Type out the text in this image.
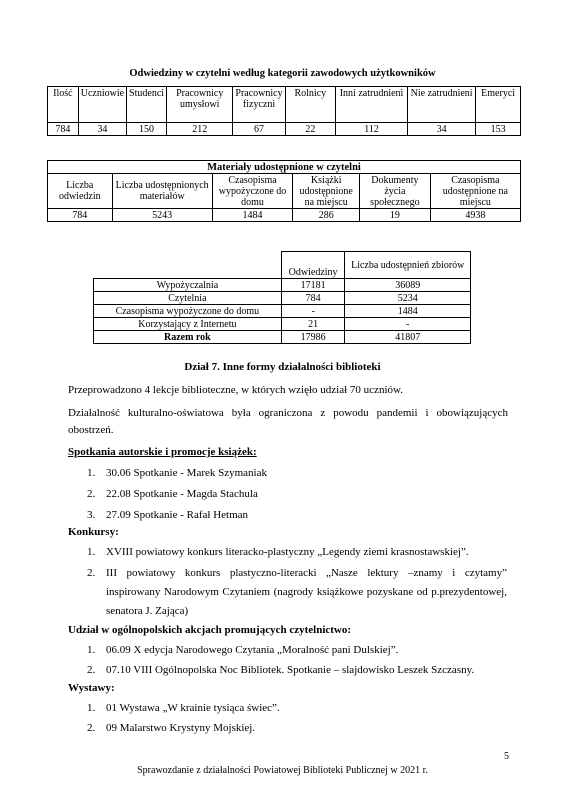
Odwiedziny w czytelni według kategorii zawodowych użytkowników
Ilość	Uczniowie	Studenci	Pracownicy umysłowi	Pracownicy fizyczni	Rolnicy	Inni zatrudnieni	Nie zatrudnieni	Emeryci
784	34	150	212	67	22	112	34	153
Materiały udostępnione w czytelni					
Liczba odwiedzin	Liczba udostępnionych materiałów	Czasopisma wypożyczone do domu	Książki udostępnione na miejscu	Dokumenty życia społecznego	Czasopisma udostępnione na miejscu
784	5243	1484	286	19	4938
	Odwiedziny	Liczba udostępnień zbiorów
Wypożyczalnia	17181	36089
Czytelnia	784	5234
Czasopisma wypożyczone do domu	-	1484
Korzystający z Internetu	21	-
Razem rok	17986	41807
Dział 7. Inne formy działalności biblioteki
Przeprowadzono 4 lekcje biblioteczne, w których wzięło udział 70 uczniów.
Działalność kulturalno-oświatowa była ograniczona z powodu pandemii i obowiązujących obostrzeń.
Spotkania autorskie i promocje książek:
1. 30.06 Spotkanie - Marek Szymaniak
2. 22.08 Spotkanie - Magda Stachula
3. 27.09 Spotkanie - Rafał Hetman
Konkursy:
1. XVIII powiatowy konkurs literacko-plastyczny „Legendy ziemi krasnostawskiej”.
2. III powiatowy konkurs plastyczno-literacki „Nasze lektury –znamy i czytamy” inspirowany Narodowym Czytaniem (nagrody książkowe pozyskane od p.prezydentowej, senatora J. Zająca)
Udział w ogólnopolskich akcjach promujących czytelnictwo:
1. 06.09 X edycja Narodowego Czytania „Moralność pani Dulskiej”.
2. 07.10 VIII Ogólnopolska Noc Bibliotek. Spotkanie – slajdowisko Leszek Szczasny.
Wystawy:
1. 01 Wystawa „W krainie tysiąca świec”.
2. 09 Malarstwo Krystyny Mojskiej.
5
Sprawozdanie z działalności Powiatowej Biblioteki Publicznej w 2021 r.
